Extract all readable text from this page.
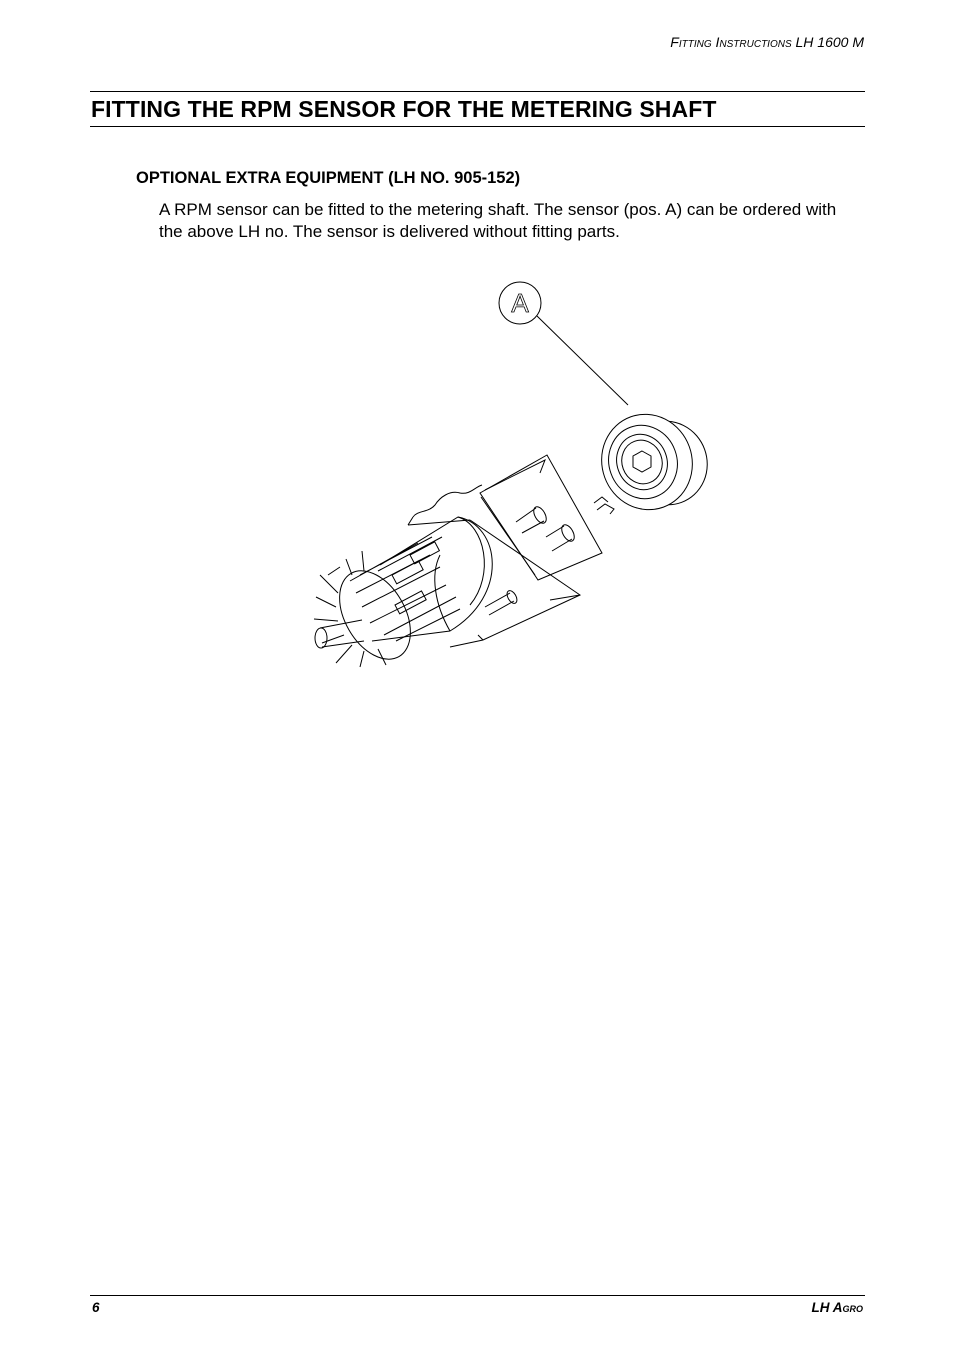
Fitting Instructions LH 1600 M
FITTING THE RPM SENSOR FOR THE METERING SHAFT
OPTIONAL EXTRA EQUIPMENT (LH NO. 905-152)

A RPM sensor can be fitted to the metering shaft. The sensor (pos. A) can be ordered with the above LH no. The sensor is delivered without fitting parts.

A
6	LH Agro
